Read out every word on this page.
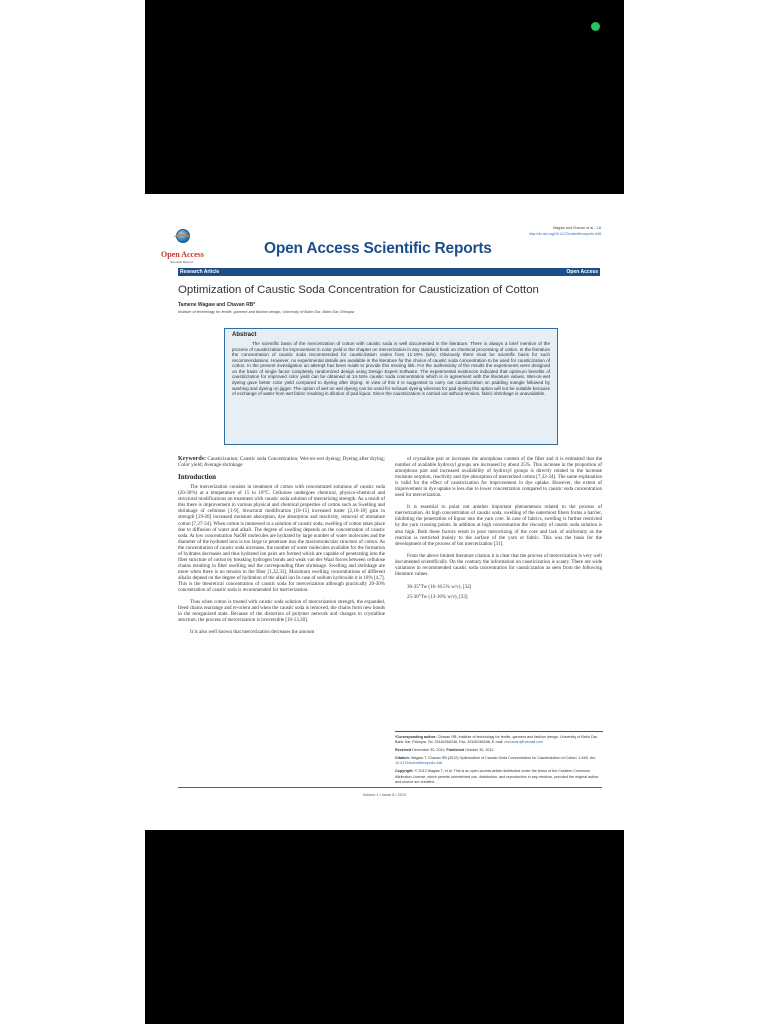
Wagaw and Chavan et al., 1:8
http://dx.doi.org/10.4172/scientificreports.448
Open Access
Scientific Reports
Open Access Scientific Reports
Research Article	Open Access
Optimization of Caustic Soda Concentration for Causticization of Cotton
Tamene Wagaw and Chavan RB*
Institute of technology for textile, garment and fashion design, University of Bahir Dar, Bahir Dar, Ethiopia
Abstract

The scientific basis of the mercerization of cotton with caustic soda is well documented in the literature. There is always a brief mention of the process of causticization for improvement in color yield in the chapter on mercerization in any standard book on chemical processing of cotton. In the literature the concentration of caustic soda recommended for causticization varies from 11-19% (w/v). Obviously there must be scientific basis for such recommendations. However, no experimental details are available in the literature for the choice of caustic soda concentration to be used for causticization of cotton. In the present investigation an attempt has been made to provide this missing link. For the authenticity of the results the experiments were designed on the basis of single factor completely randomized design using Design Expert Software. The experimental evidences indicated that optimum benefits of causticization for improved color yield can be obtained at 14-16% caustic soda concentration which is in agreement with the literature values. Wet-on-wet dyeing gave better color yield compared to dyeing after drying. In view of this it is suggested to carry out causticization on padding mangle followed by washing and dyeing on jigger. The option of wet on wet dyeing can be used for exhaust dyeing whereas for pad dyeing this option will not be suitable because of exchange of water from wet fabric resulting in dilution of pad liquor. Since the causticization is carried out without tension, fabric shrinkage is unavoidable.

Keywords: Causticization; Caustic soda Concentration; Wet-on-wet dyeing; Dyeing after drying; Color yield; Average shrinkage
Introduction

The mercerization consists in treatment of cotton with concentrated solutions of caustic soda (20-30%) at a temperature of 15 to 18°C. Cellulose undergoes chemical, physico-chemical and structural modifications on treatment with caustic soda solution of mercerizing strength. As a result of this there is improvement in various physical and chemical properties of cotton such as Swelling and shrinkage of cellulose [1-9], Structural modification [10-15] increased luster [2,16-18] gain in strength [19-26] increased moisture absorption, dye absorption and reactivity, removal of immature cotton [7,27-34]. When cotton is immersed in a solution of caustic soda, swelling of cotton takes place due to diffusion of water and alkali. The degree of swelling depends on the concentration of caustic soda. At low concentration NaOH molecules are hydrated by large number of water molecules and the diameter of the hydrated ions is too large to penetrate into the macromolecular structure of cotton. As the concentration of caustic soda increases, the number of water molecules available for the formation of hydrates decreases and thus hydrated ion pairs are formed which are capable of penetrating into the fiber structure of cotton by breaking hydrogen bonds and weak van der Waal forces between cellulose chains resulting in fiber swelling and the corresponding fiber shrinkage. Swelling and shrinkage are more when there is no tension in the fiber [1,32,33]. Maximum swelling concentrations of different alkalis depend on the degree of hydration of the alkali ion In case of sodium hydroxide it is 18% [4,7]. This is the theoretical concentration of caustic soda for mercerization although practically 20-30% concentration of caustic soda is recommended for mercerization.

Thus when cotton is treated with caustic soda solution of mercerization strength, the expanded, freed chains rearrange and re-orient and when the caustic soda is removed, the chains form new bonds in the reorganized state. Because of the distortion of polymer network and changes in crystalline structure, the process of mercerization is irreversible [10-13,30].

It is also well known that mercerization decreases the amount

of crystalline part or increases the amorphous content of the fiber and it is estimated that the number of available hydroxyl groups are increased by about 25%. This increase in the proportion of amorphous part and increased availability of hydroxyl groups is directly related to the increase moisture sorption, reactivity and dye absorption of mercerized cotton [7,32-34]. The same explanation is valid for the effect of causticization for improvement in dye uptake. However, the extent of improvement in dye uptake is less due to lower concentration compared to caustic soda concentration used for mercerization.

It is essential to point out another important phenomenon related to the process of mercerization. At high concentration of caustic soda, swelling of the outermost fibers forms a barrier, inhibiting the penetration of liquor into the yarn core. In case of fabrics, swelling is further restricted by the yarn crossing points. In addition at high concentration the viscosity of caustic soda solution is also high. Both these factors result in poor mercerizing of the core and lack of uniformity as the reaction is restricted mainly to the surface of the yarn or fabric. This was the basis for the development of the process of hot mercerization [31].

From the above limited literature citation it is clear that the process of mercerization is very well documented scientifically. On the contrary the information on causticization is scanty. There are wide variations in recommended caustic soda concentration for causticization as seen from the following literature values.

30-35°Tw (16-18.5% w/v), [32]
25-30°Tw (13-16% w/v), [33]
*Corresponding author: Chavan RB, Institute of technology for textile, garment and fashion design, University of Bahir Dar, Bahir Dar, Ethiopia, Tel: 25182266246; Fax: 25182266246; E-mail: rbchavan@hotmail.com
Received December 30, 2011; Published October 30, 2012
Citation: Wagaw T, Chavan RB (2012) Optimization of Caustic Soda Concentration for Causticization of Cotton. 1:448. doi: 10.4172/scientificreports.448
Copyright: © 2012 Wagaw T, et al. This is an open-access article distributed under the terms of the Creative Commons Attribution License, which permits unrestricted use, distribution, and reproduction in any medium, provided the original author and source are credited.
Volume 1 • Issue 8 • 2012
